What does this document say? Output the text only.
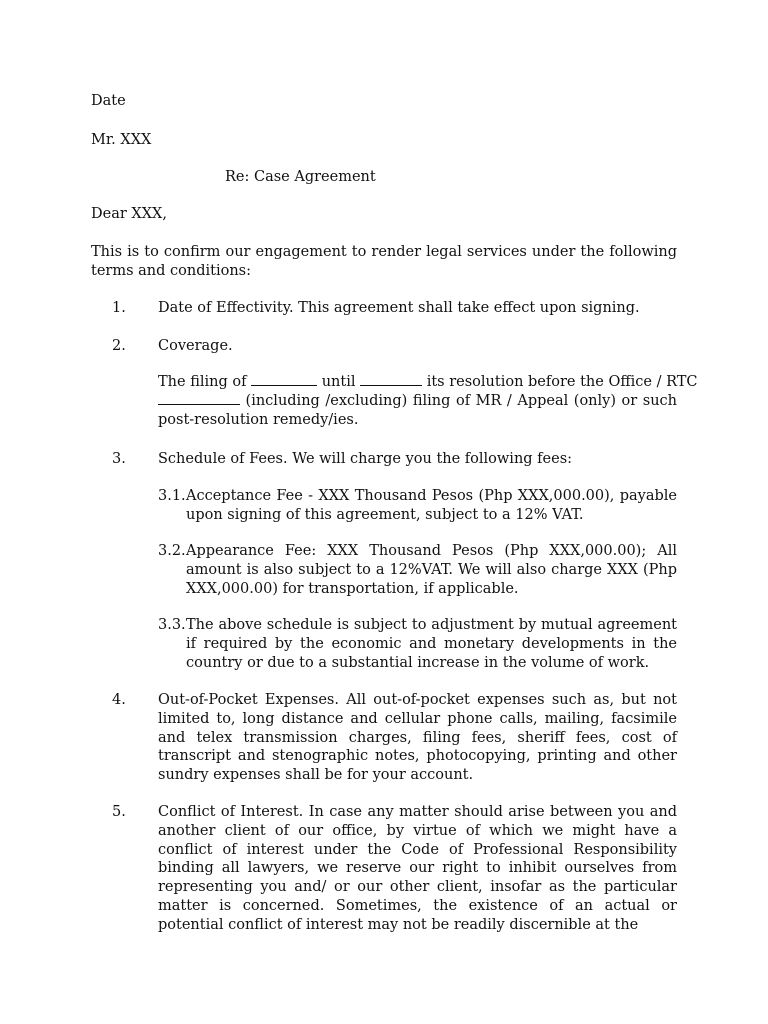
Date
Mr. XXX
Re: Case Agreement
Dear XXX,
This is to confirm our engagement to render legal services under the following terms and conditions:
1. Date of Effectivity. This agreement shall take effect upon signing.
2. Coverage.
The filing of	until	its resolution before the Office / RTC
(including /excluding) filing of MR / Appeal (only) or such post-resolution remedy/ies.
3. Schedule of Fees. We will charge you the following fees:
3.1. Acceptance Fee - XXX Thousand Pesos (Php XXX,000.00), payable upon signing of this agreement, subject to a 12% VAT.
3.2. Appearance Fee: XXX Thousand Pesos (Php XXX,000.00); All amount is also subject to a 12%VAT. We will also charge XXX (Php XXX,000.00) for transportation, if applicable.
3.3. The above schedule is subject to adjustment by mutual agreement if required by the economic and monetary developments in the country or due to a substantial increase in the volume of work.
4. Out-of-Pocket Expenses. All out-of-pocket expenses such as, but not limited to, long distance and cellular phone calls, mailing, facsimile and telex transmission charges, filing fees, sheriff fees, cost of transcript and stenographic notes, photocopying, printing and other sundry expenses shall be for your account.
5. Conflict of Interest. In case any matter should arise between you and another client of our office, by virtue of which we might have a conflict of interest under the Code of Professional Responsibility binding all lawyers, we reserve our right to inhibit ourselves from representing you and/ or our other client, insofar as the particular matter is concerned. Sometimes, the existence of an actual or potential conflict of interest may not be readily discernible at the
